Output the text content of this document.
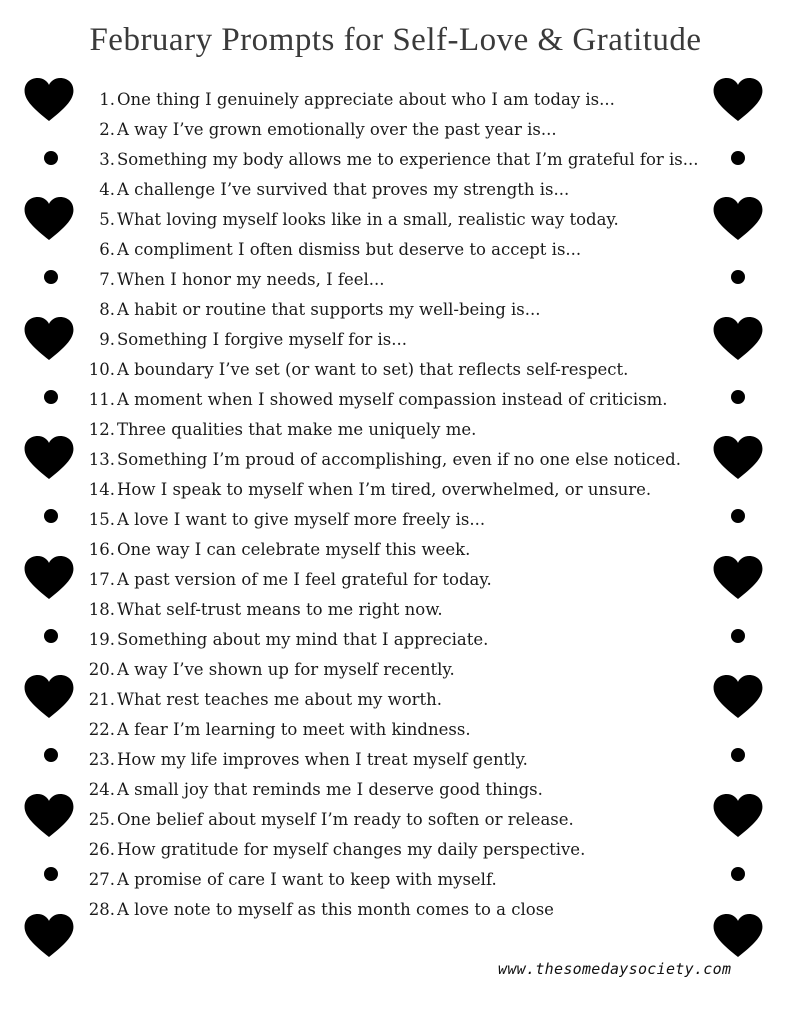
February Prompts for Self-Love & Gratitude
1. One thing I genuinely appreciate about who I am today is...
2. A way I’ve grown emotionally over the past year is...
3. Something my body allows me to experience that I’m grateful for is...
4. A challenge I’ve survived that proves my strength is...
5. What loving myself looks like in a small, realistic way today.
6. A compliment I often dismiss but deserve to accept is...
7. When I honor my needs, I feel...
8. A habit or routine that supports my well-being is...
9. Something I forgive myself for is...
10. A boundary I’ve set (or want to set) that reflects self-respect.
11. A moment when I showed myself compassion instead of criticism.
12. Three qualities that make me uniquely me.
13. Something I’m proud of accomplishing, even if no one else noticed.
14. How I speak to myself when I’m tired, overwhelmed, or unsure.
15. A love I want to give myself more freely is...
16. One way I can celebrate myself this week.
17. A past version of me I feel grateful for today.
18. What self-trust means to me right now.
19. Something about my mind that I appreciate.
20. A way I’ve shown up for myself recently.
21. What rest teaches me about my worth.
22. A fear I’m learning to meet with kindness.
23. How my life improves when I treat myself gently.
24. A small joy that reminds me I deserve good things.
25. One belief about myself I’m ready to soften or release.
26. How gratitude for myself changes my daily perspective.
27. A promise of care I want to keep with myself.
28. A love note to myself as this month comes to a close
www.thesomedaysociety.com
